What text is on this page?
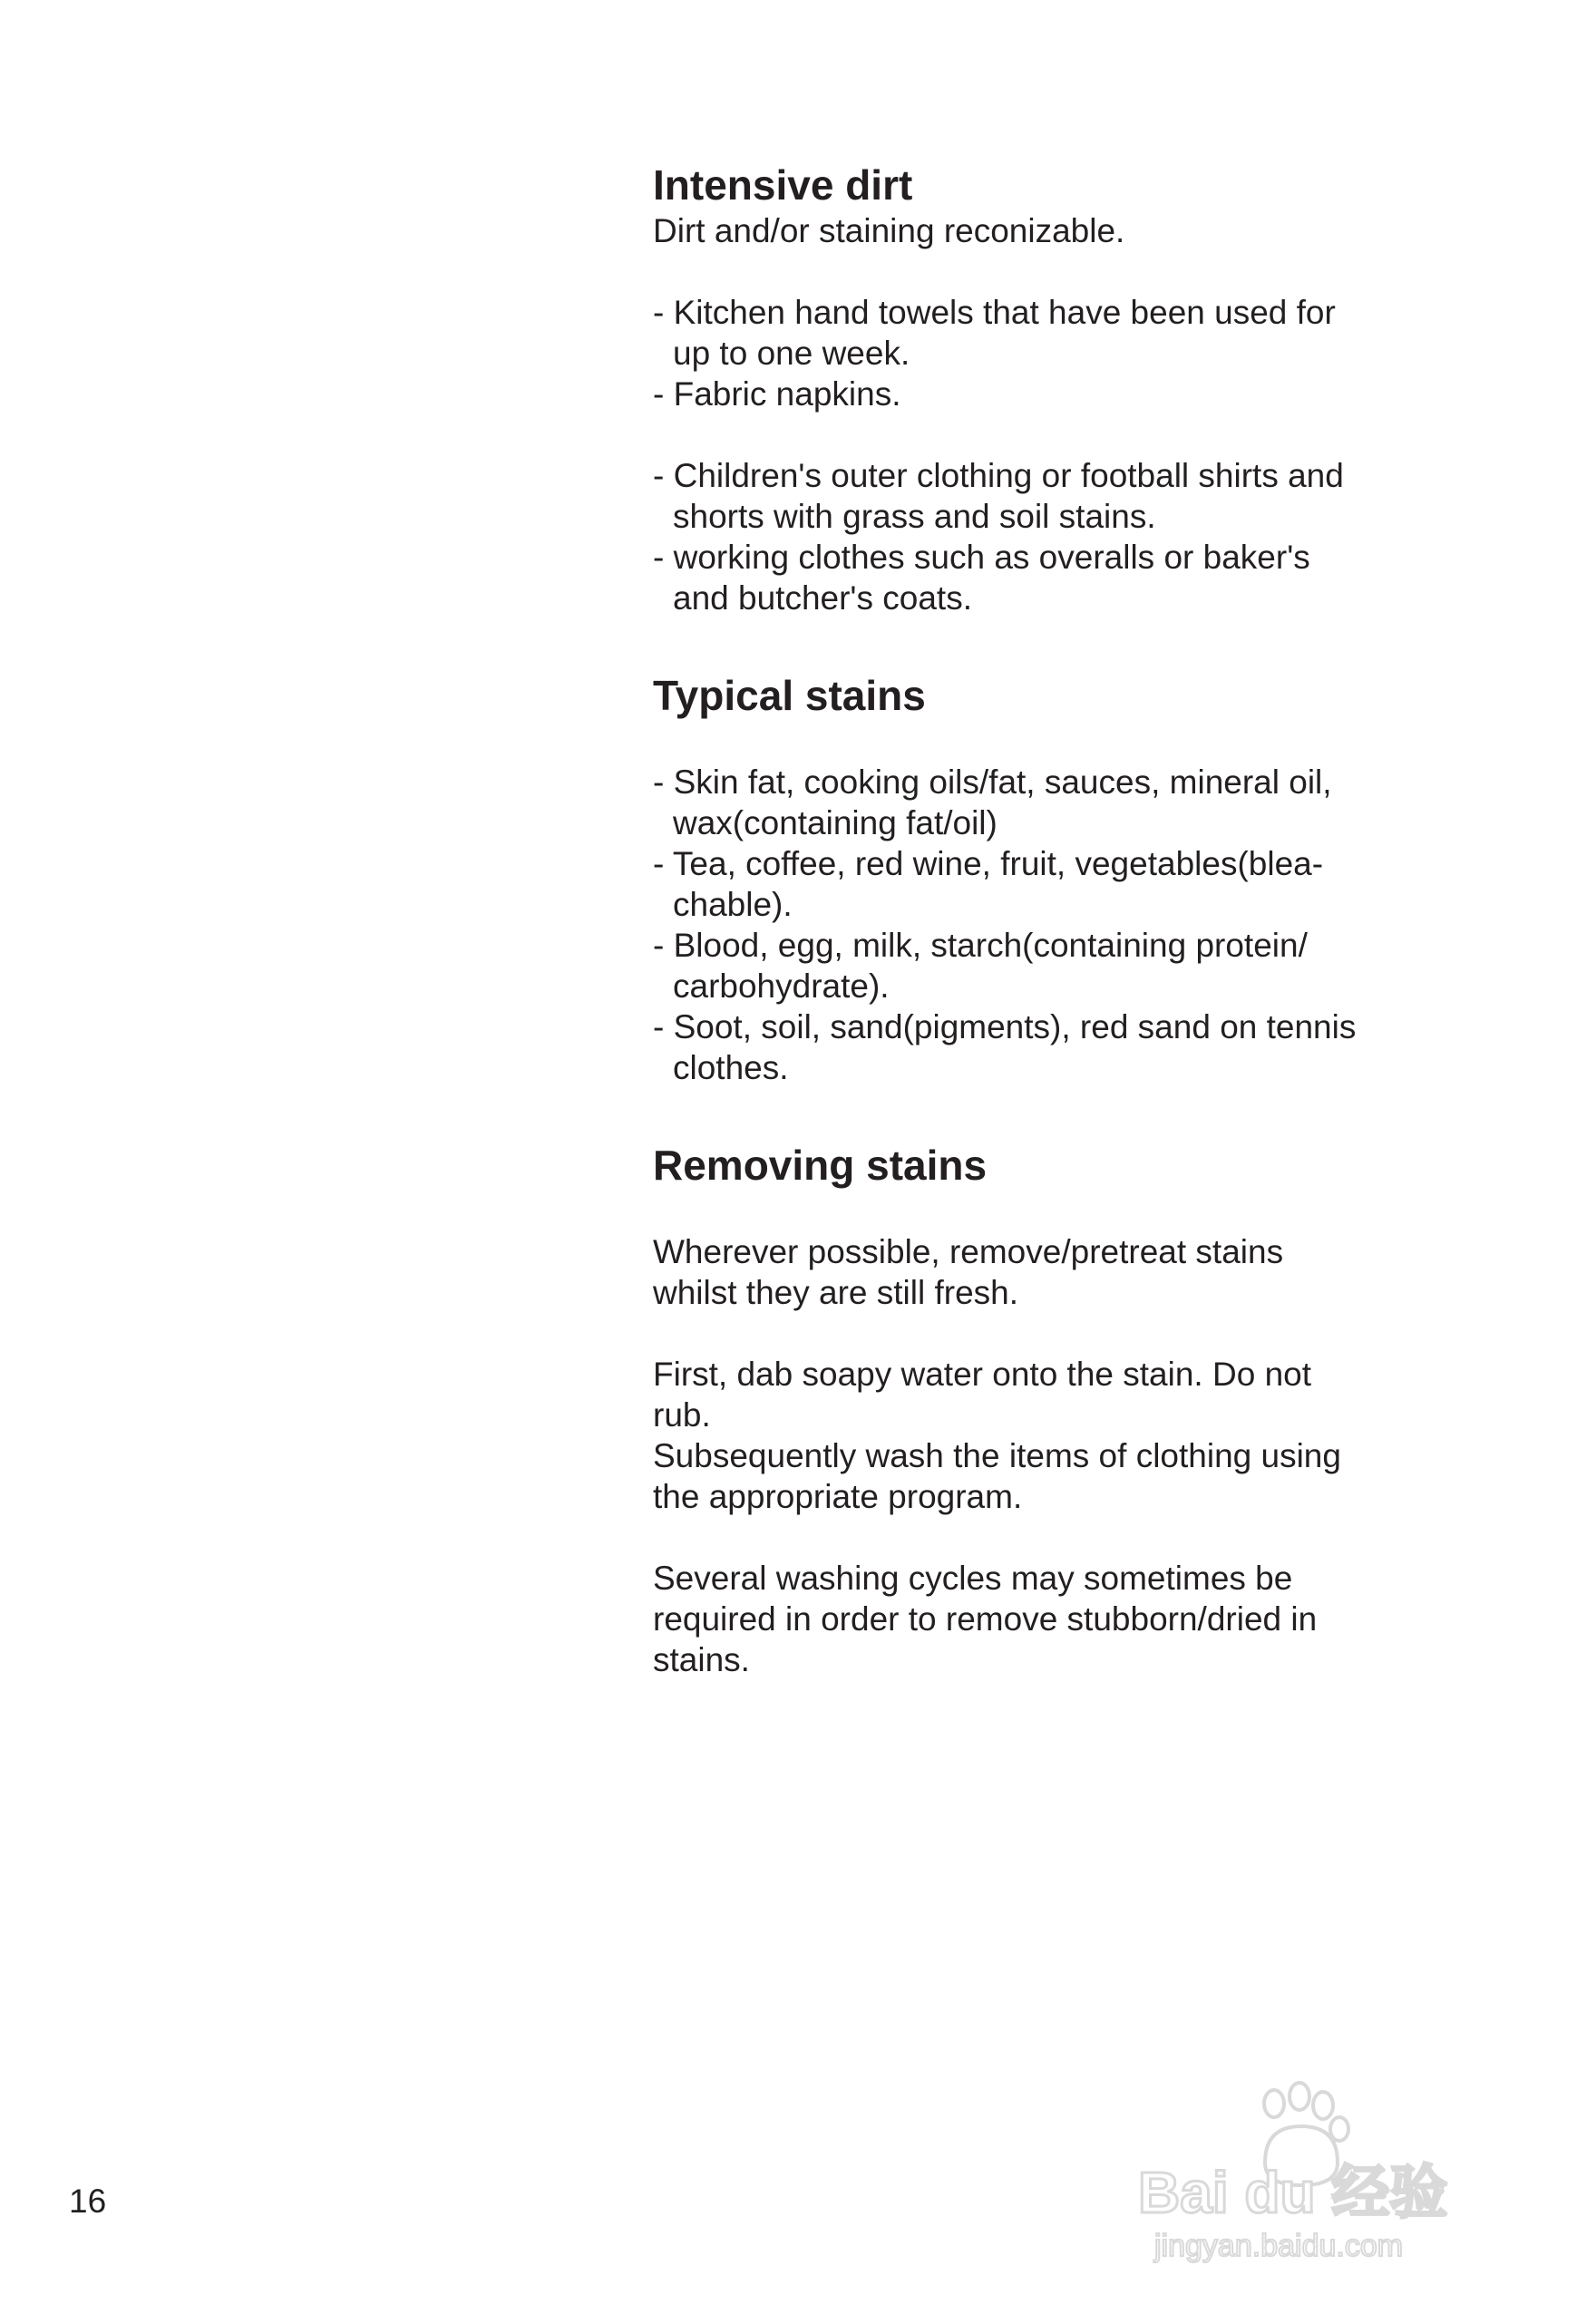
Intensive dirt

Dirt and/or staining reconizable.

- Kitchen hand towels that have been used for

up to one week.

- Fabric napkins.

- Children's outer clothing or football shirts and

shorts with grass and soil stains.

- working clothes such as overalls or baker's

and butcher's coats.

Typical stains

- Skin fat, cooking oils/fat, sauces, mineral oil,

wax(containing fat/oil)

- Tea, coffee, red wine, fruit, vegetables(blea-

chable).

- Blood, egg, milk, starch(containing protein/

carbohydrate).

- Soot, soil, sand(pigments), red sand on tennis

clothes.

Removing stains

Wherever possible, remove/pretreat stains

whilst they are still fresh.

First, dab soapy water onto the stain. Do not

rub.

Subsequently wash the items of clothing using

the appropriate program.

Several washing cycles may sometimes be

required in order to remove stubborn/dried in

stains.

16	Bai du 经验
jingyan.baidu.com
